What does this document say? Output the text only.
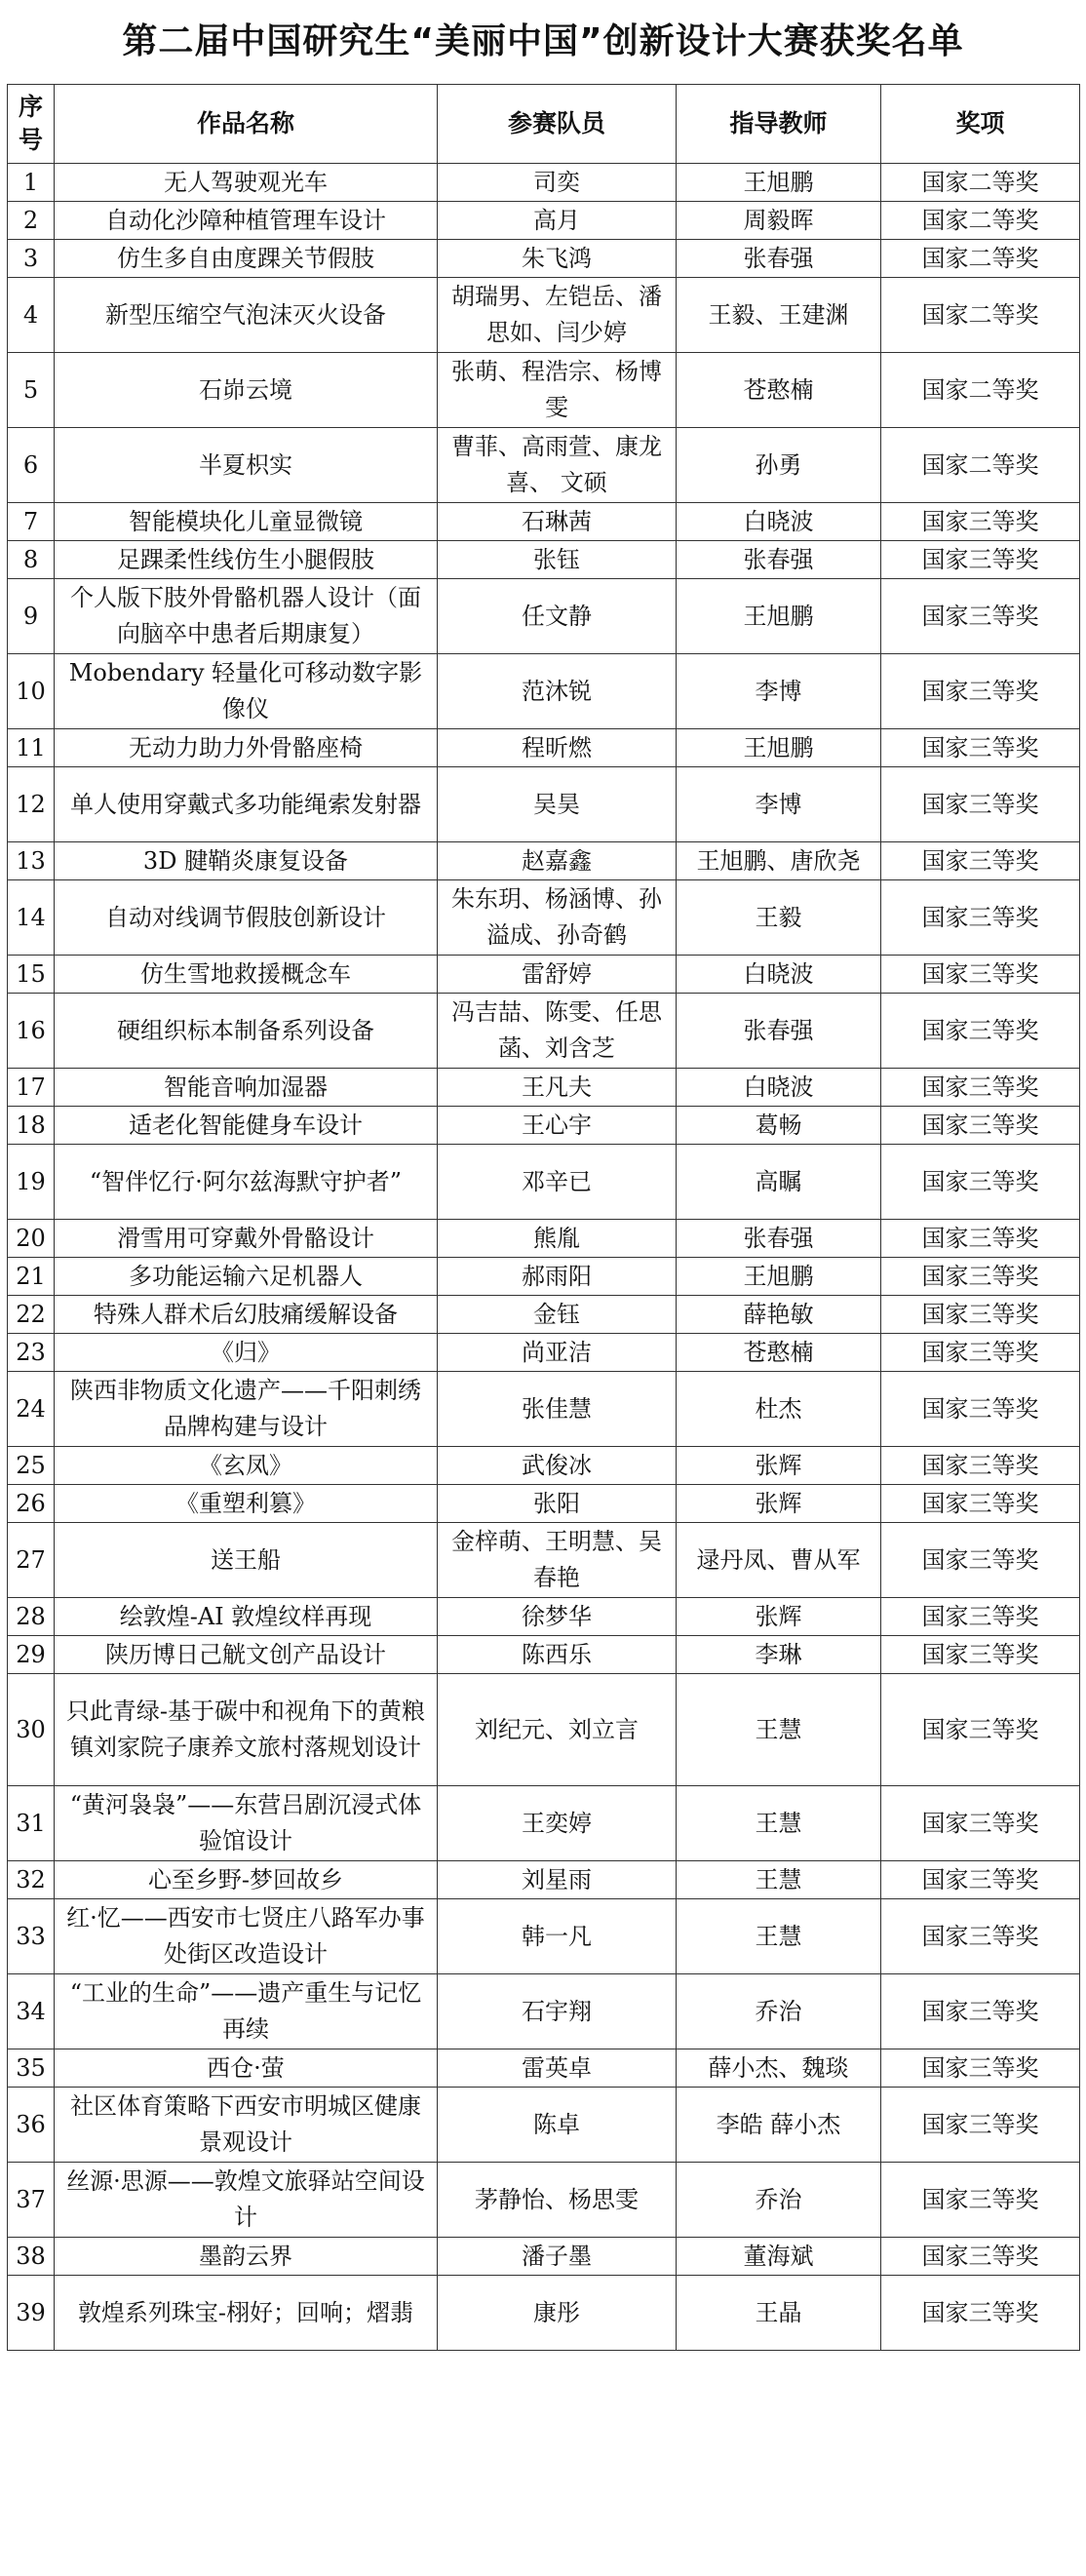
第二届中国研究生“美丽中国”创新设计大赛获奖名单
序号	作品名称	参赛队员	指导教师	奖项
1	无人驾驶观光车	司奕	王旭鹏	国家二等奖
2	自动化沙障种植管理车设计	高月	周毅晖	国家二等奖
3	仿生多自由度踝关节假肢	朱飞鸿	张春强	国家二等奖
4	新型压缩空气泡沫灭火设备	胡瑞男、左铠岳、潘思如、闫少婷	王毅、王建渊	国家二等奖
5	石峁云境	张萌、程浩宗、杨博雯	苍憨楠	国家二等奖
6	半夏枳实	曹菲、高雨萱、康龙喜、 文硕	孙勇	国家二等奖
7	智能模块化儿童显微镜	石琳茜	白晓波	国家三等奖
8	足踝柔性线仿生小腿假肢	张钰	张春强	国家三等奖
9	个人版下肢外骨骼机器人设计（面向脑卒中患者后期康复）	任文静	王旭鹏	国家三等奖
10	Mobendary 轻量化可移动数字影像仪	范沐锐	李博	国家三等奖
11	无动力助力外骨骼座椅	程昕燃	王旭鹏	国家三等奖
12	单人使用穿戴式多功能绳索发射器	吴昊	李博	国家三等奖
13	3D 腱鞘炎康复设备	赵嘉鑫	王旭鹏、唐欣尧	国家三等奖
14	自动对线调节假肢创新设计	朱东玥、杨涵博、孙溢成、孙奇鹤	王毅	国家三等奖
15	仿生雪地救援概念车	雷舒婷	白晓波	国家三等奖
16	硬组织标本制备系列设备	冯吉喆、陈雯、任思菡、刘含芝	张春强	国家三等奖
17	智能音响加湿器	王凡夫	白晓波	国家三等奖
18	适老化智能健身车设计	王心宇	葛畅	国家三等奖
19	“智伴忆行·阿尔兹海默守护者”	邓辛已	高瞩	国家三等奖
20	滑雪用可穿戴外骨骼设计	熊胤	张春强	国家三等奖
21	多功能运输六足机器人	郝雨阳	王旭鹏	国家三等奖
22	特殊人群术后幻肢痛缓解设备	金钰	薛艳敏	国家三等奖
23	《归》	尚亚洁	苍憨楠	国家三等奖
24	陕西非物质文化遗产——千阳刺绣品牌构建与设计	张佳慧	杜杰	国家三等奖
25	《玄凤》	武俊冰	张辉	国家三等奖
26	《重塑利篡》	张阳	张辉	国家三等奖
27	送王船	金梓萌、王明慧、吴春艳	逯丹凤、曹从军	国家三等奖
28	绘敦煌-AI 敦煌纹样再现	徐梦华	张辉	国家三等奖
29	陕历博日己觥文创产品设计	陈西乐	李琳	国家三等奖
30	只此青绿-基于碳中和视角下的黄粮镇刘家院子康养文旅村落规划设计	刘纪元、刘立言	王慧	国家三等奖
31	“黄河袅袅”——东营吕剧沉浸式体验馆设计	王奕婷	王慧	国家三等奖
32	心至乡野-梦回故乡	刘星雨	王慧	国家三等奖
33	红·忆——西安市七贤庄八路军办事处街区改造设计	韩一凡	王慧	国家三等奖
34	“工业的生命”——遗产重生与记忆再续	石宇翔	乔治	国家三等奖
35	西仓·萤	雷英卓	薛小杰、魏琰	国家三等奖
36	社区体育策略下西安市明城区健康景观设计	陈卓	李皓 薛小杰	国家三等奖
37	丝源·思源——敦煌文旅驿站空间设计	茅静怡、杨思雯	乔治	国家三等奖
38	墨韵云界	潘子墨	董海斌	国家三等奖
39	敦煌系列珠宝-栩好；回响；熠翡	康彤	王晶	国家三等奖
